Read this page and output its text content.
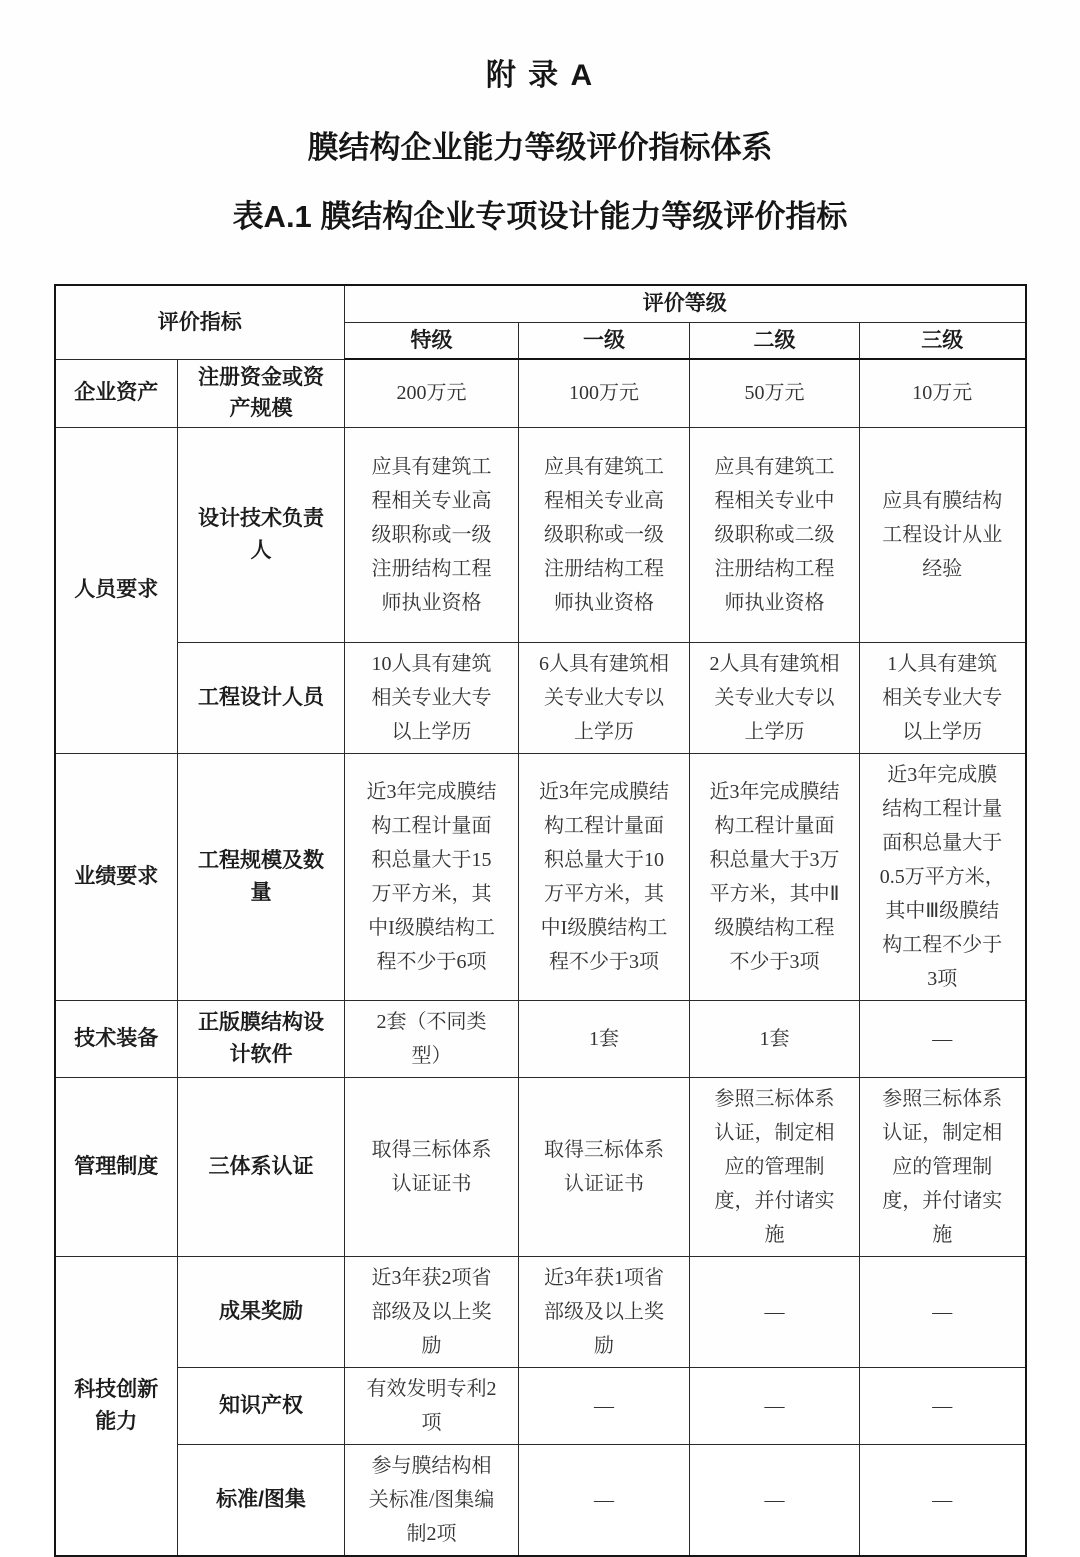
附 录 A
膜结构企业能力等级评价指标体系
表A.1 膜结构企业专项设计能力等级评价指标
评价指标		评价等级			
		特级	一级	二级	三级
企业资产	注册资金或资产规模	200万元	100万元	50万元	10万元
人员要求	设计技术负责人	应具有建筑工程相关专业高级职称或一级注册结构工程师执业资格	应具有建筑工程相关专业高级职称或一级注册结构工程师执业资格	应具有建筑工程相关专业中级职称或二级注册结构工程师执业资格	应具有膜结构工程设计从业经验
	工程设计人员	10人具有建筑相关专业大专以上学历	6人具有建筑相关专业大专以上学历	2人具有建筑相关专业大专以上学历	1人具有建筑相关专业大专以上学历
业绩要求	工程规模及数量	近3年完成膜结构工程计量面积总量大于15万平方米，其中I级膜结构工程不少于6项	近3年完成膜结构工程计量面积总量大于10万平方米，其中I级膜结构工程不少于3项	近3年完成膜结构工程计量面积总量大于3万平方米，其中Ⅱ级膜结构工程不少于3项	近3年完成膜结构工程计量面积总量大于0.5万平方米，其中Ⅲ级膜结构工程不少于3项
技术装备	正版膜结构设计软件	2套（不同类型）	1套	1套	—
管理制度	三体系认证	取得三标体系认证证书	取得三标体系认证证书	参照三标体系认证，制定相应的管理制度，并付诸实施	参照三标体系认证，制定相应的管理制度，并付诸实施
科技创新能力	成果奖励	近3年获2项省部级及以上奖励	近3年获1项省部级及以上奖励	—	—
	知识产权	有效发明专利2项	—	—	—
	标准/图集	参与膜结构相关标准/图集编制2项	—	—	—
